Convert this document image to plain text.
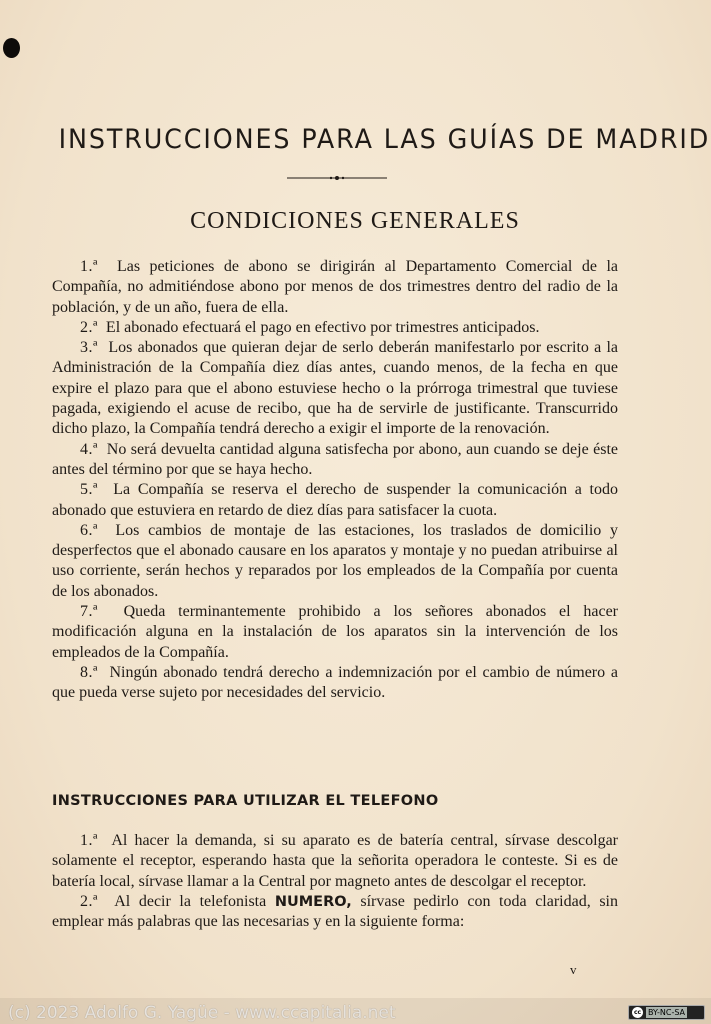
INSTRUCCIONES PARA LAS GUÍAS DE MADRID
CONDICIONES GENERALES

1.ª Las peticiones de abono se dirigirán al Departamento Comercial de la Compañía, no admitiéndose abono por menos de dos trimestres dentro del radio de la población, y de un año, fuera de ella.

2.ª El abonado efectuará el pago en efectivo por trimestres anticipados.

3.ª Los abonados que quieran dejar de serlo deberán manifestarlo por escrito a la Administración de la Compañía diez días antes, cuando menos, de la fecha en que expire el plazo para que el abono estuviese hecho o la prórroga trimestral que tuviese pagada, exigiendo el acuse de recibo, que ha de servirle de justificante. Transcurrido dicho plazo, la Compañía tendrá derecho a exigir el importe de la renovación.

4.ª No será devuelta cantidad alguna satisfecha por abono, aun cuando se deje éste antes del término por que se haya hecho.

5.ª La Compañía se reserva el derecho de suspender la comunicación a todo abonado que estuviera en retardo de diez días para satisfacer la cuota.

6.ª Los cambios de montaje de las estaciones, los traslados de domicilio y desperfectos que el abonado causare en los aparatos y montaje y no puedan atribuirse al uso corriente, serán hechos y reparados por los empleados de la Compañía por cuenta de los abonados.

7.ª Queda terminantemente prohibido a los señores abonados el hacer modificación alguna en la instalación de los aparatos sin la intervención de los empleados de la Compañía.

8.ª Ningún abonado tendrá derecho a indemnización por el cambio de número a que pueda verse sujeto por necesidades del servicio.

INSTRUCCIONES PARA UTILIZAR EL TELEFONO

1.ª Al hacer la demanda, si su aparato es de batería central, sírvase descolgar solamente el receptor, esperando hasta que la señorita operadora le conteste. Si es de batería local, sírvase llamar a la Central por magneto antes de descolgar el receptor.

2.ª Al decir la telefonista NUMERO, sírvase pedirlo con toda claridad, sin emplear más palabras que las necesarias y en la siguiente forma:

v
(c) 2023 Adolfo G. Yagüe - www.ccapitalia.net	cc BY-NC-SA
